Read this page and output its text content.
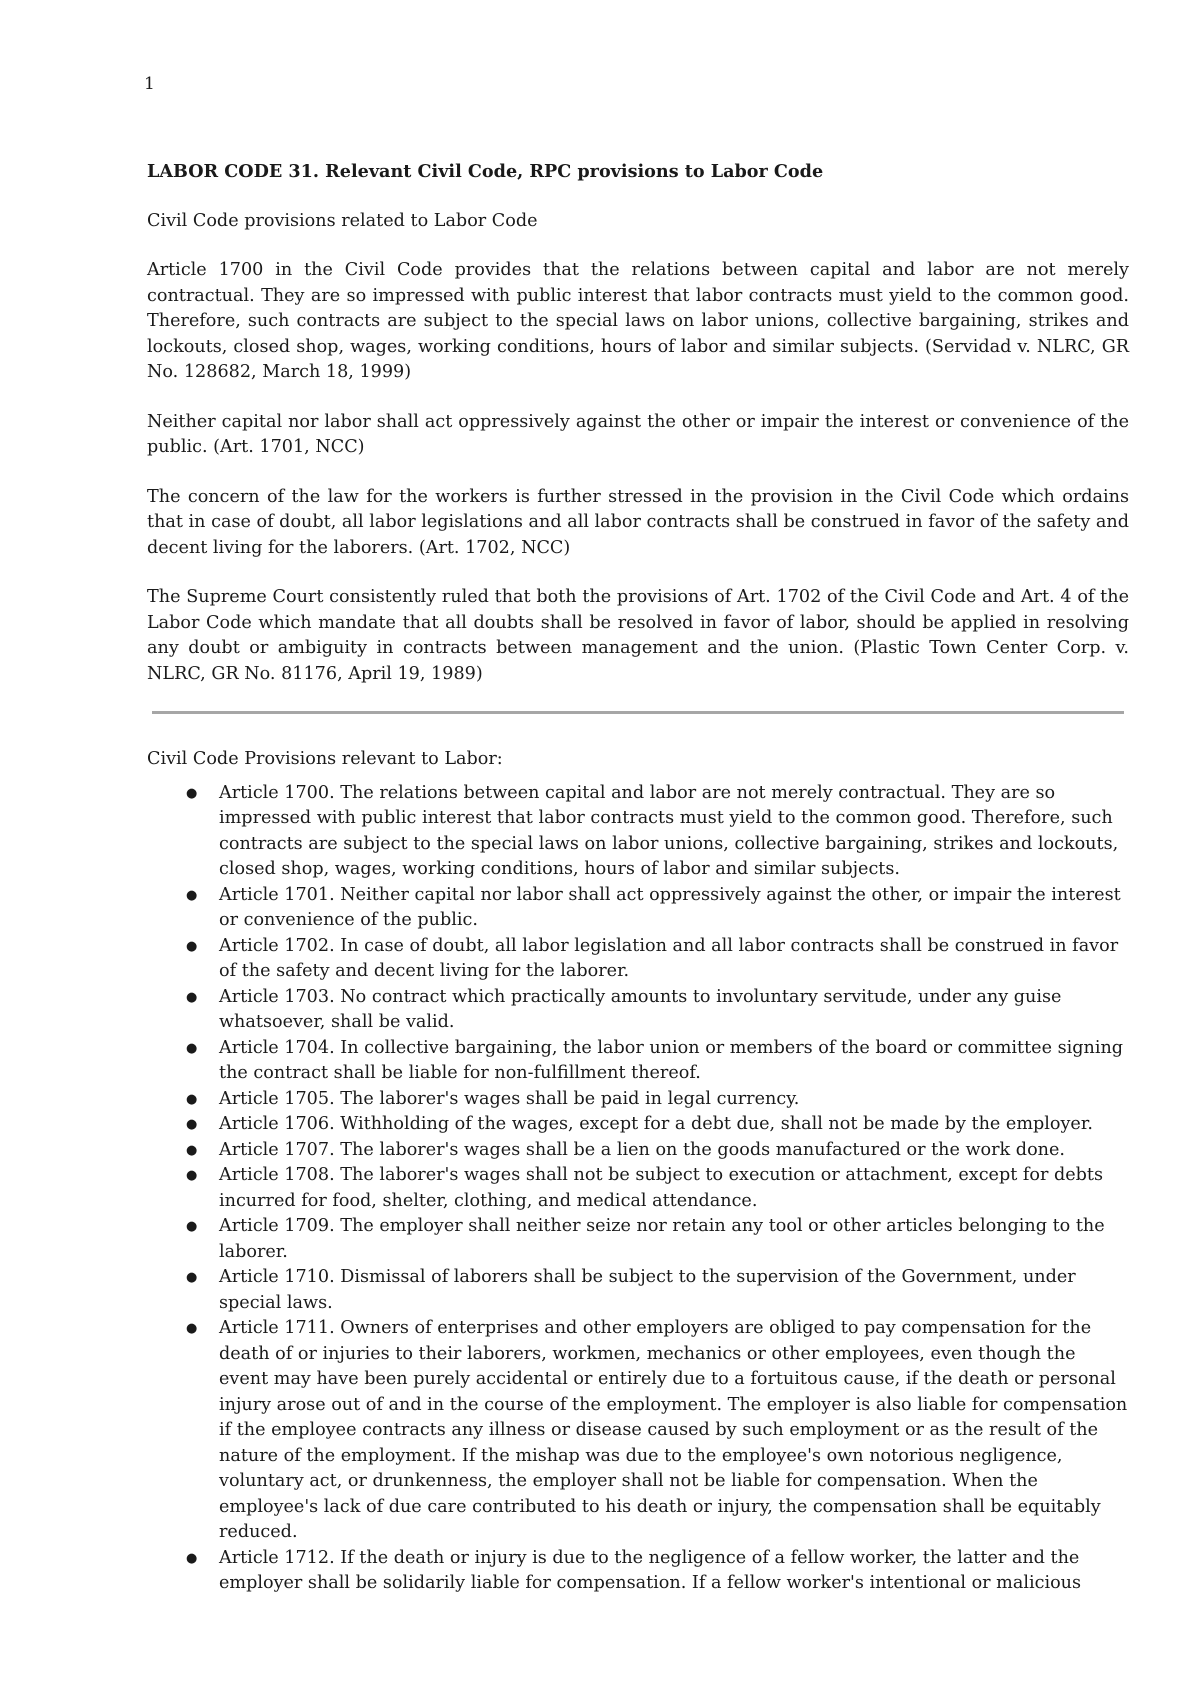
1
LABOR CODE 31. Relevant Civil Code, RPC provisions to Labor Code
Civil Code provisions related to Labor Code
Article 1700 in the Civil Code provides that the relations between capital and labor are not merely contractual. They are so impressed with public interest that labor contracts must yield to the common good. Therefore, such contracts are subject to the special laws on labor unions, collective bargaining, strikes and lockouts, closed shop, wages, working conditions, hours of labor and similar subjects. (Servidad v. NLRC, GR No. 128682, March 18, 1999)
Neither capital nor labor shall act oppressively against the other or impair the interest or convenience of the public. (Art. 1701, NCC)
The concern of the law for the workers is further stressed in the provision in the Civil Code which ordains that in case of doubt, all labor legislations and all labor contracts shall be construed in favor of the safety and decent living for the laborers. (Art. 1702, NCC)
The Supreme Court consistently ruled that both the provisions of Art. 1702 of the Civil Code and Art. 4 of the Labor Code which mandate that all doubts shall be resolved in favor of labor, should be applied in resolving any doubt or ambiguity in contracts between management and the union. (Plastic Town Center Corp. v. NLRC, GR No. 81176, April 19, 1989)
Civil Code Provisions relevant to Labor:
● Article 1700. The relations between capital and labor are not merely contractual. They are so impressed with public interest that labor contracts must yield to the common good. Therefore, such contracts are subject to the special laws on labor unions, collective bargaining, strikes and lockouts, closed shop, wages, working conditions, hours of labor and similar subjects.
● Article 1701. Neither capital nor labor shall act oppressively against the other, or impair the interest or convenience of the public.
● Article 1702. In case of doubt, all labor legislation and all labor contracts shall be construed in favor of the safety and decent living for the laborer.
● Article 1703. No contract which practically amounts to involuntary servitude, under any guise whatsoever, shall be valid.
● Article 1704. In collective bargaining, the labor union or members of the board or committee signing the contract shall be liable for non-fulfillment thereof.
● Article 1705. The laborer's wages shall be paid in legal currency.
● Article 1706. Withholding of the wages, except for a debt due, shall not be made by the employer.
● Article 1707. The laborer's wages shall be a lien on the goods manufactured or the work done.
● Article 1708. The laborer's wages shall not be subject to execution or attachment, except for debts incurred for food, shelter, clothing, and medical attendance.
● Article 1709. The employer shall neither seize nor retain any tool or other articles belonging to the laborer.
● Article 1710. Dismissal of laborers shall be subject to the supervision of the Government, under special laws.
● Article 1711. Owners of enterprises and other employers are obliged to pay compensation for the death of or injuries to their laborers, workmen, mechanics or other employees, even though the event may have been purely accidental or entirely due to a fortuitous cause, if the death or personal injury arose out of and in the course of the employment. The employer is also liable for compensation if the employee contracts any illness or disease caused by such employment or as the result of the nature of the employment. If the mishap was due to the employee's own notorious negligence, voluntary act, or drunkenness, the employer shall not be liable for compensation. When the employee's lack of due care contributed to his death or injury, the compensation shall be equitably reduced.
● Article 1712. If the death or injury is due to the negligence of a fellow worker, the latter and the employer shall be solidarily liable for compensation. If a fellow worker's intentional or malicious
